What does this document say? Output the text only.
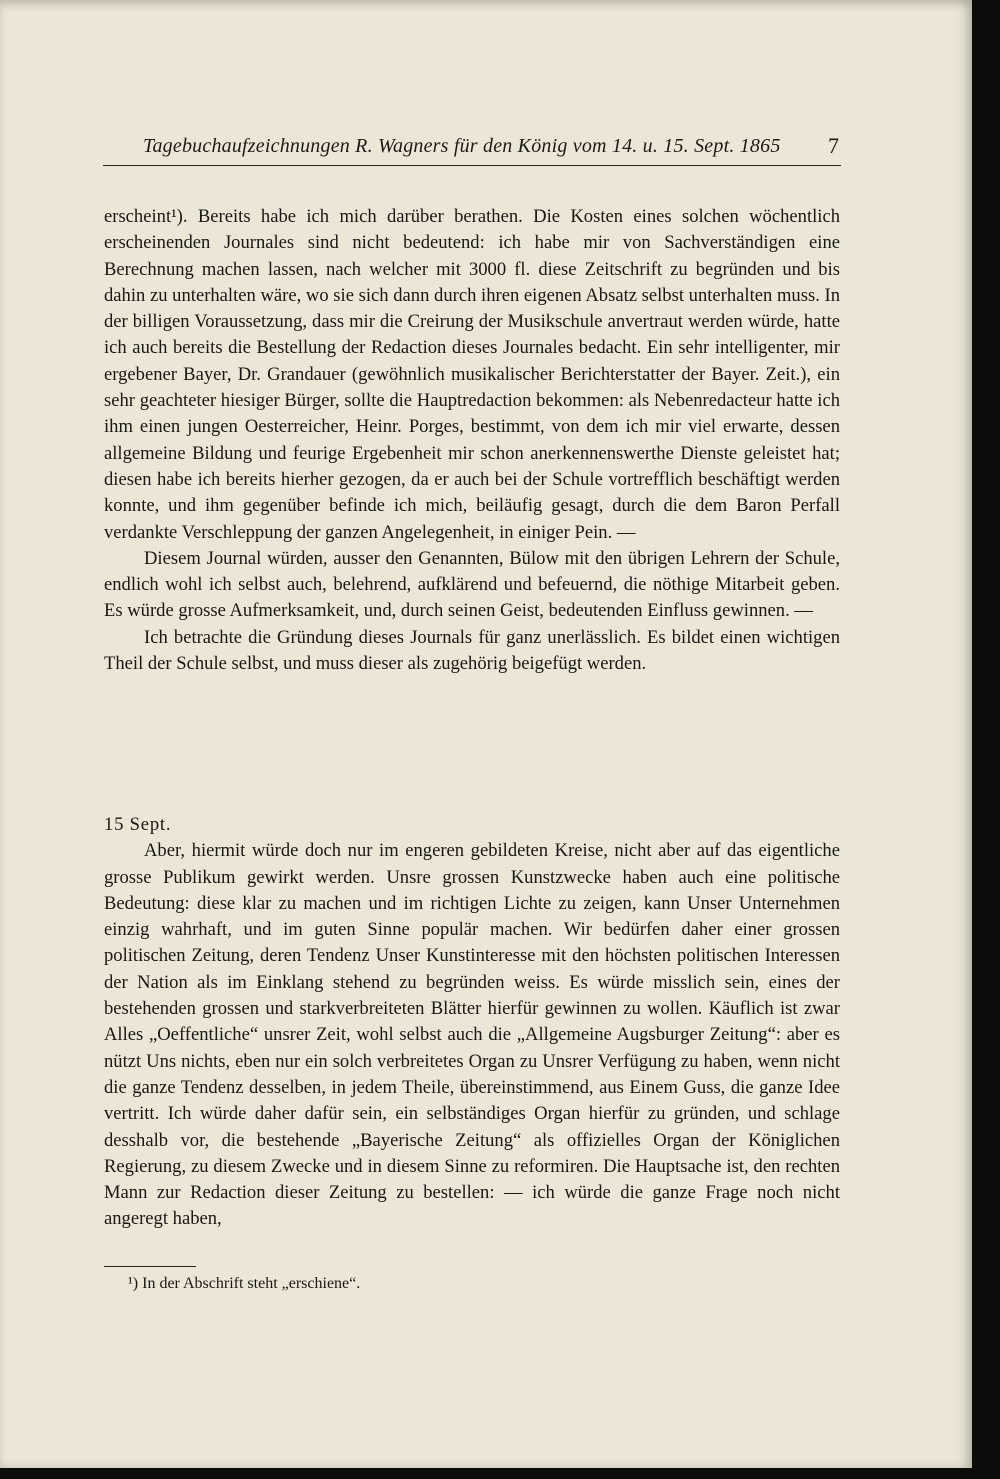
Tagebuchaufzeichnungen R. Wagners für den König vom 14. u. 15. Sept. 1865 7

erscheint¹). Bereits habe ich mich darüber berathen. Die Kosten eines solchen wöchentlich erscheinenden Journales sind nicht bedeutend: ich habe mir von Sachverständigen eine Berechnung machen lassen, nach welcher mit 3000 fl. diese Zeitschrift zu begründen und bis dahin zu unterhalten wäre, wo sie sich dann durch ihren eigenen Absatz selbst unterhalten muss. In der billigen Voraussetzung, dass mir die Creirung der Musikschule anvertraut werden würde, hatte ich auch bereits die Bestellung der Redaction dieses Journales bedacht. Ein sehr intelligenter, mir ergebener Bayer, Dr. Grandauer (gewöhnlich musikalischer Berichterstatter der Bayer. Zeit.), ein sehr geachteter hiesiger Bürger, sollte die Hauptredaction bekommen: als Nebenredacteur hatte ich ihm einen jungen Oesterreicher, Heinr. Porges, bestimmt, von dem ich mir viel erwarte, dessen allgemeine Bildung und feurige Ergebenheit mir schon anerkennenswerthe Dienste geleistet hat; diesen habe ich bereits hierher gezogen, da er auch bei der Schule vortrefflich beschäftigt werden konnte, und ihm gegenüber befinde ich mich, beiläufig gesagt, durch die dem Baron Perfall verdankte Verschleppung der ganzen Angelegenheit, in einiger Pein. —

Diesem Journal würden, ausser den Genannten, Bülow mit den übrigen Lehrern der Schule, endlich wohl ich selbst auch, belehrend, aufklärend und befeuernd, die nöthige Mitarbeit geben. Es würde grosse Aufmerksamkeit, und, durch seinen Geist, bedeutenden Einfluss gewinnen. —

Ich betrachte die Gründung dieses Journals für ganz unerlässlich. Es bildet einen wichtigen Theil der Schule selbst, und muss dieser als zugehörig beigefügt werden.

15 Sept.

Aber, hiermit würde doch nur im engeren gebildeten Kreise, nicht aber auf das eigentliche grosse Publikum gewirkt werden. Unsre grossen Kunstzwecke haben auch eine politische Bedeutung: diese klar zu machen und im richtigen Lichte zu zeigen, kann Unser Unternehmen einzig wahrhaft, und im guten Sinne populär machen. Wir bedürfen daher einer grossen politischen Zeitung, deren Tendenz Unser Kunstinteresse mit den höchsten politischen Interessen der Nation als im Einklang stehend zu begründen weiss. Es würde misslich sein, eines der bestehenden grossen und starkverbreiteten Blätter hierfür gewinnen zu wollen. Käuflich ist zwar Alles „Oeffentliche“ unsrer Zeit, wohl selbst auch die „Allgemeine Augsburger Zeitung“: aber es nützt Uns nichts, eben nur ein solch verbreitetes Organ zu Unsrer Verfügung zu haben, wenn nicht die ganze Tendenz desselben, in jedem Theile, übereinstimmend, aus Einem Guss, die ganze Idee vertritt. Ich würde daher dafür sein, ein selbständiges Organ hierfür zu gründen, und schlage desshalb vor, die bestehende „Bayerische Zeitung“ als offizielles Organ der Königlichen Regierung, zu diesem Zwecke und in diesem Sinne zu reformiren. Die Hauptsache ist, den rechten Mann zur Redaction dieser Zeitung zu bestellen: — ich würde die ganze Frage noch nicht angeregt haben,

¹) In der Abschrift steht „erschiene“.
